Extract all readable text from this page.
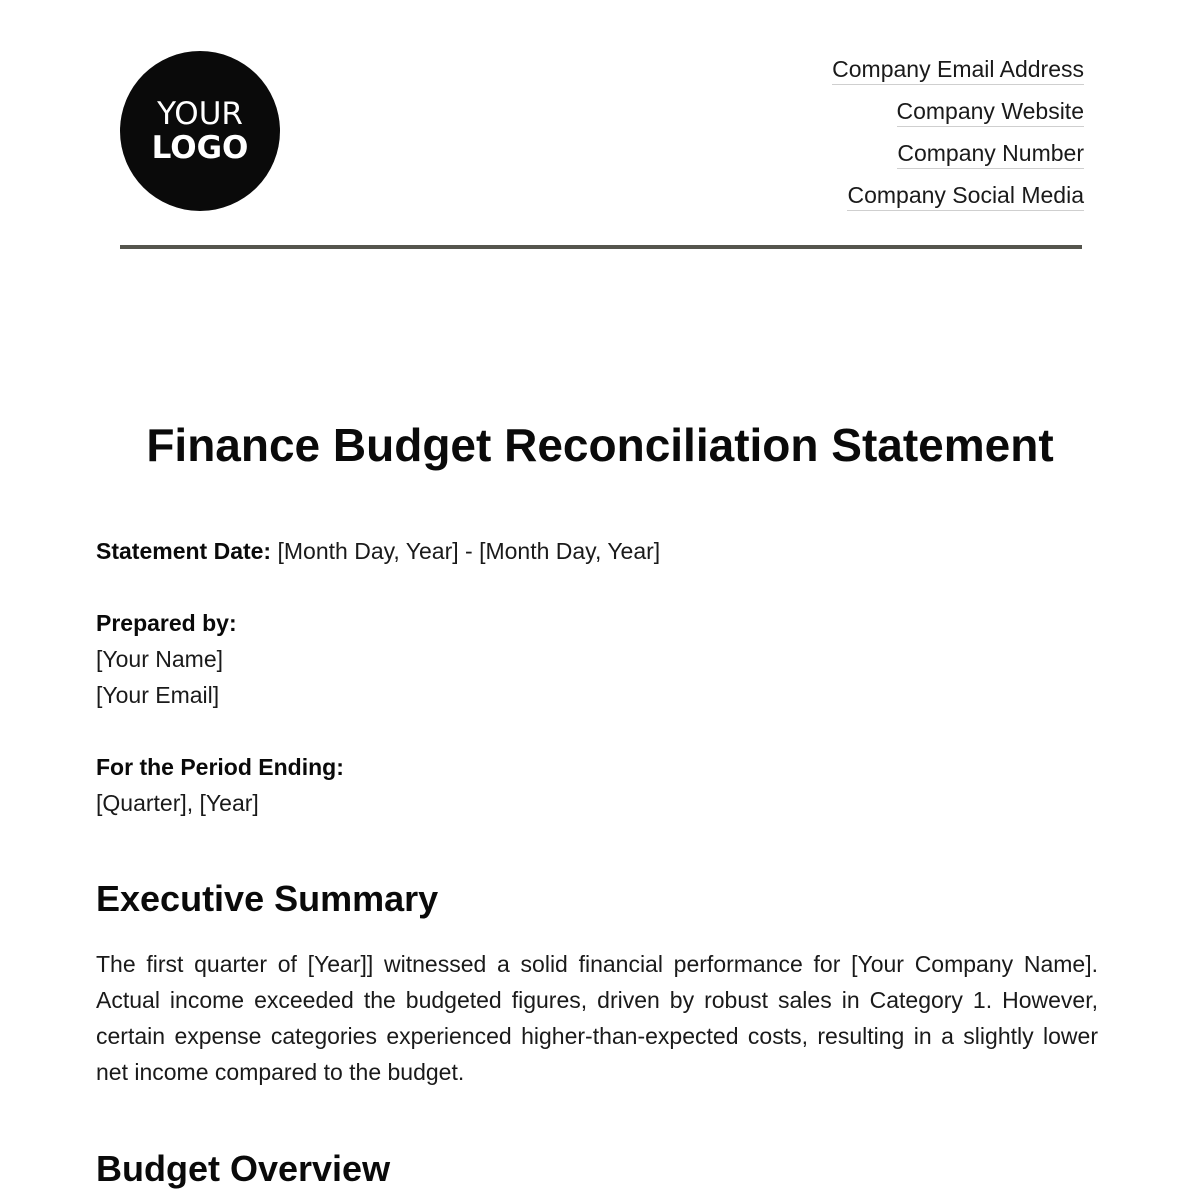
YOUR
LOGO
Company Email Address
Company Website
Company Number
Company Social Media
Finance Budget Reconciliation Statement
Statement Date: [Month Day, Year] - [Month Day, Year]
Prepared by:
[Your Name]
[Your Email]
For the Period Ending:
[Quarter], [Year]
Executive Summary

The first quarter of [Year]] witnessed a solid financial performance for [Your Company Name]. Actual income exceeded the budgeted figures, driven by robust sales in Category 1. However, certain expense categories experienced higher-than-expected costs, resulting in a slightly lower net income compared to the budget.

Budget Overview
